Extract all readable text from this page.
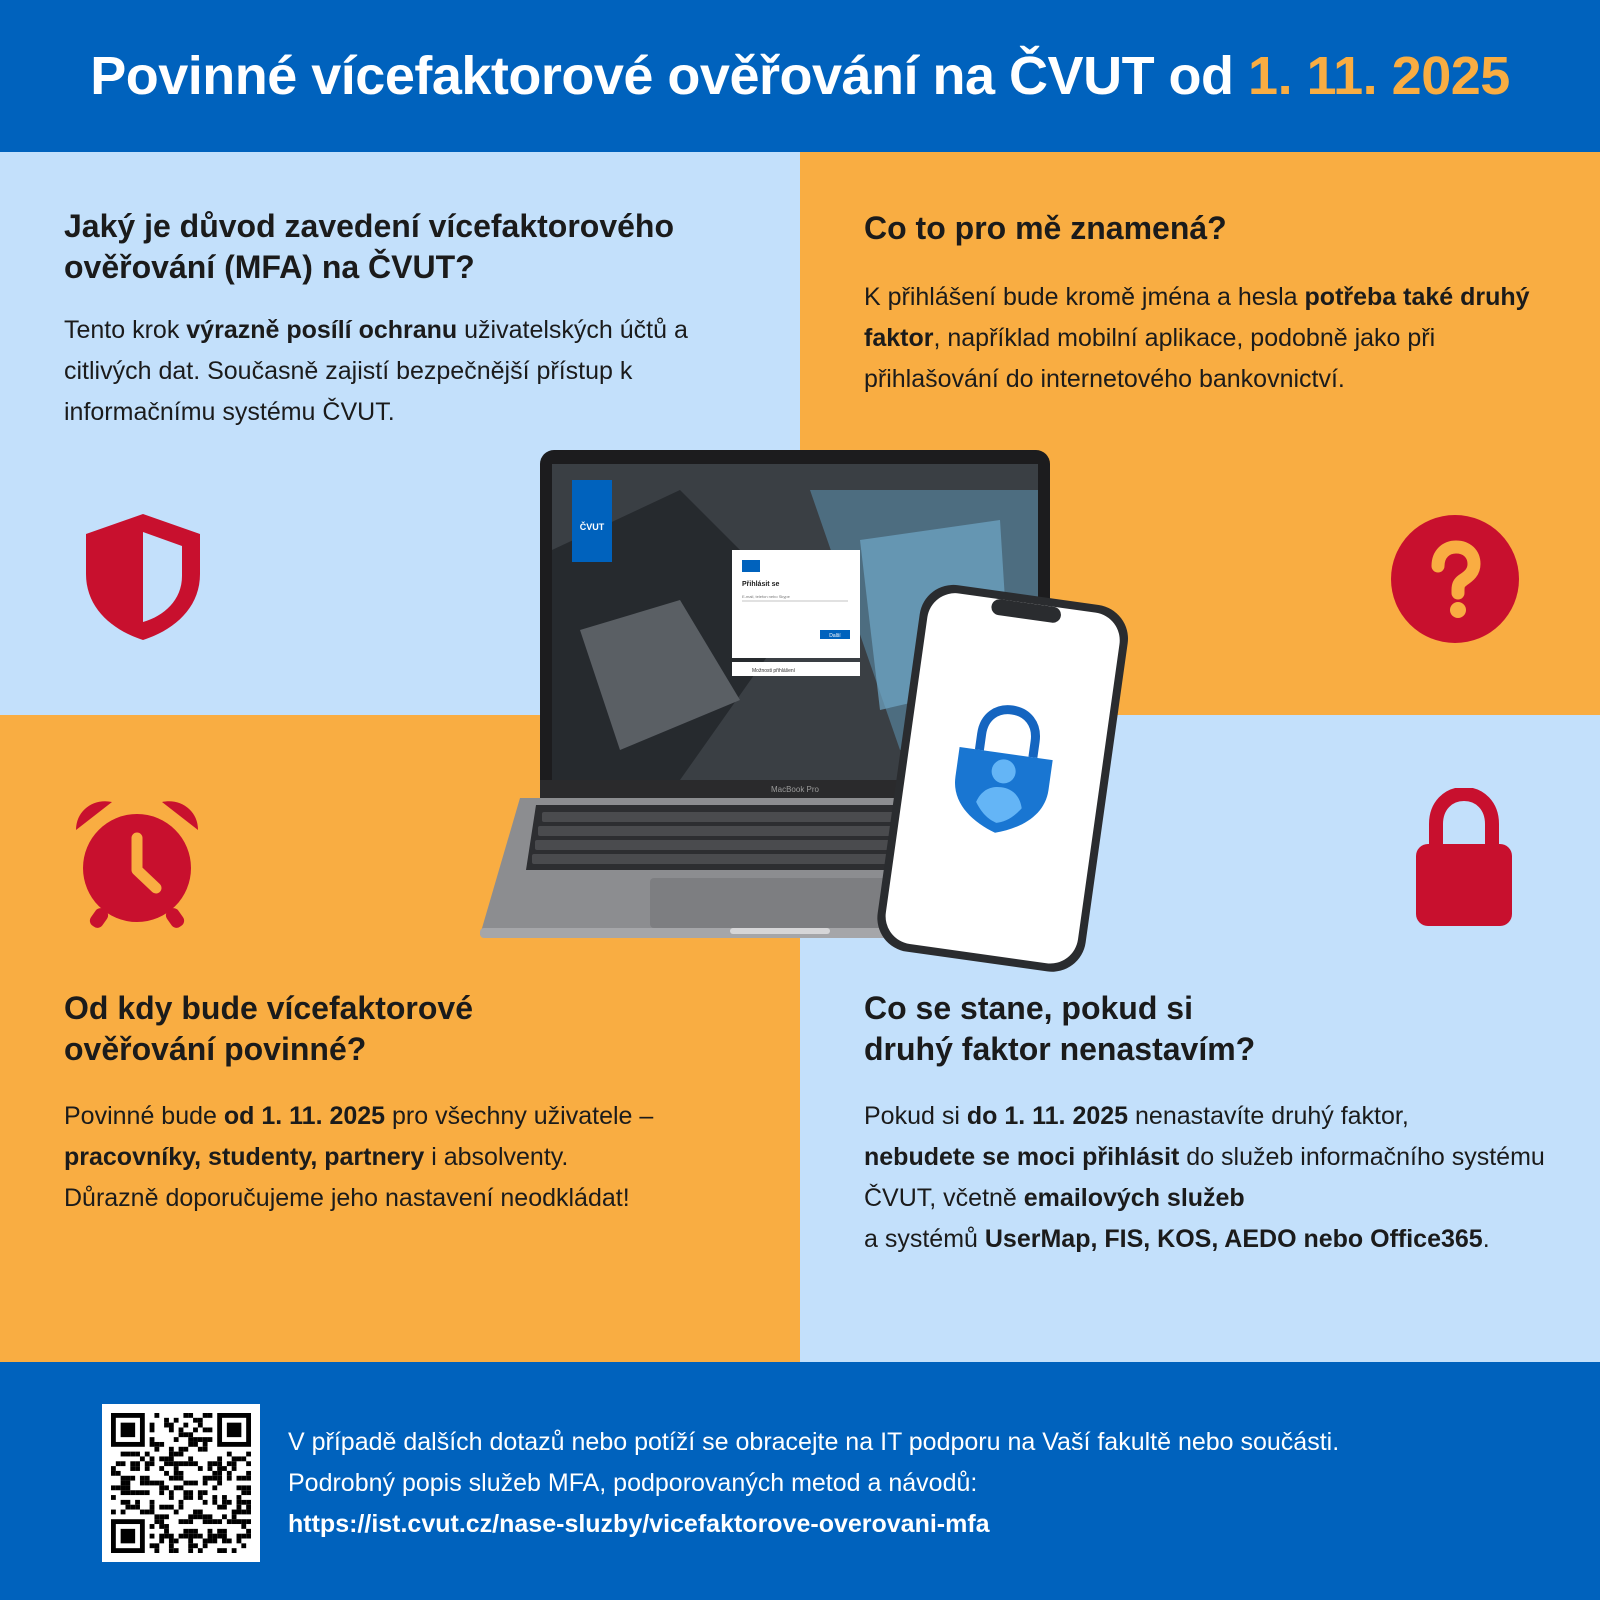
Povinné vícefaktorové ověřování na ČVUT od 1. 11. 2025
Jaký je důvod zavedení vícefaktorového
ověřování (MFA) na ČVUT?

Tento krok výrazně posílí ochranu uživatelských účtů a citlivých dat. Současně zajistí bezpečnější přístup k informačnímu systému ČVUT.

Co to pro mě znamená?

K přihlášení bude kromě jména a hesla potřeba také druhý faktor, například mobilní aplikace, podobně jako při přihlašování do internetového bankovnictví.

Od kdy bude vícefaktorové
ověřování povinné?

Povinné bude od 1. 11. 2025 pro všechny uživatele –
pracovníky, studenty, partnery i absolventy.
Důrazně doporučujeme jeho nastavení neodkládat!

Co se stane, pokud si
druhý faktor nenastavím?

Pokud si do 1. 11. 2025 nenastavíte druhý faktor,
nebudete se moci přihlásit do služeb informačního systému ČVUT, včetně emailových služeb
a systémů UserMap, FIS, KOS, AEDO nebo Office365.

ČVUT
Přihlásit se
E-mail, telefon nebo Skype
Další
Možnosti přihlášení
MacBook Pro
V případě dalších dotazů nebo potíží se obracejte na IT podporu na Vaší fakultě nebo součásti.
Podrobný popis služeb MFA, podporovaných metod a návodů:
https://ist.cvut.cz/nase-sluzby/vicefaktorove-overovani-mfa
